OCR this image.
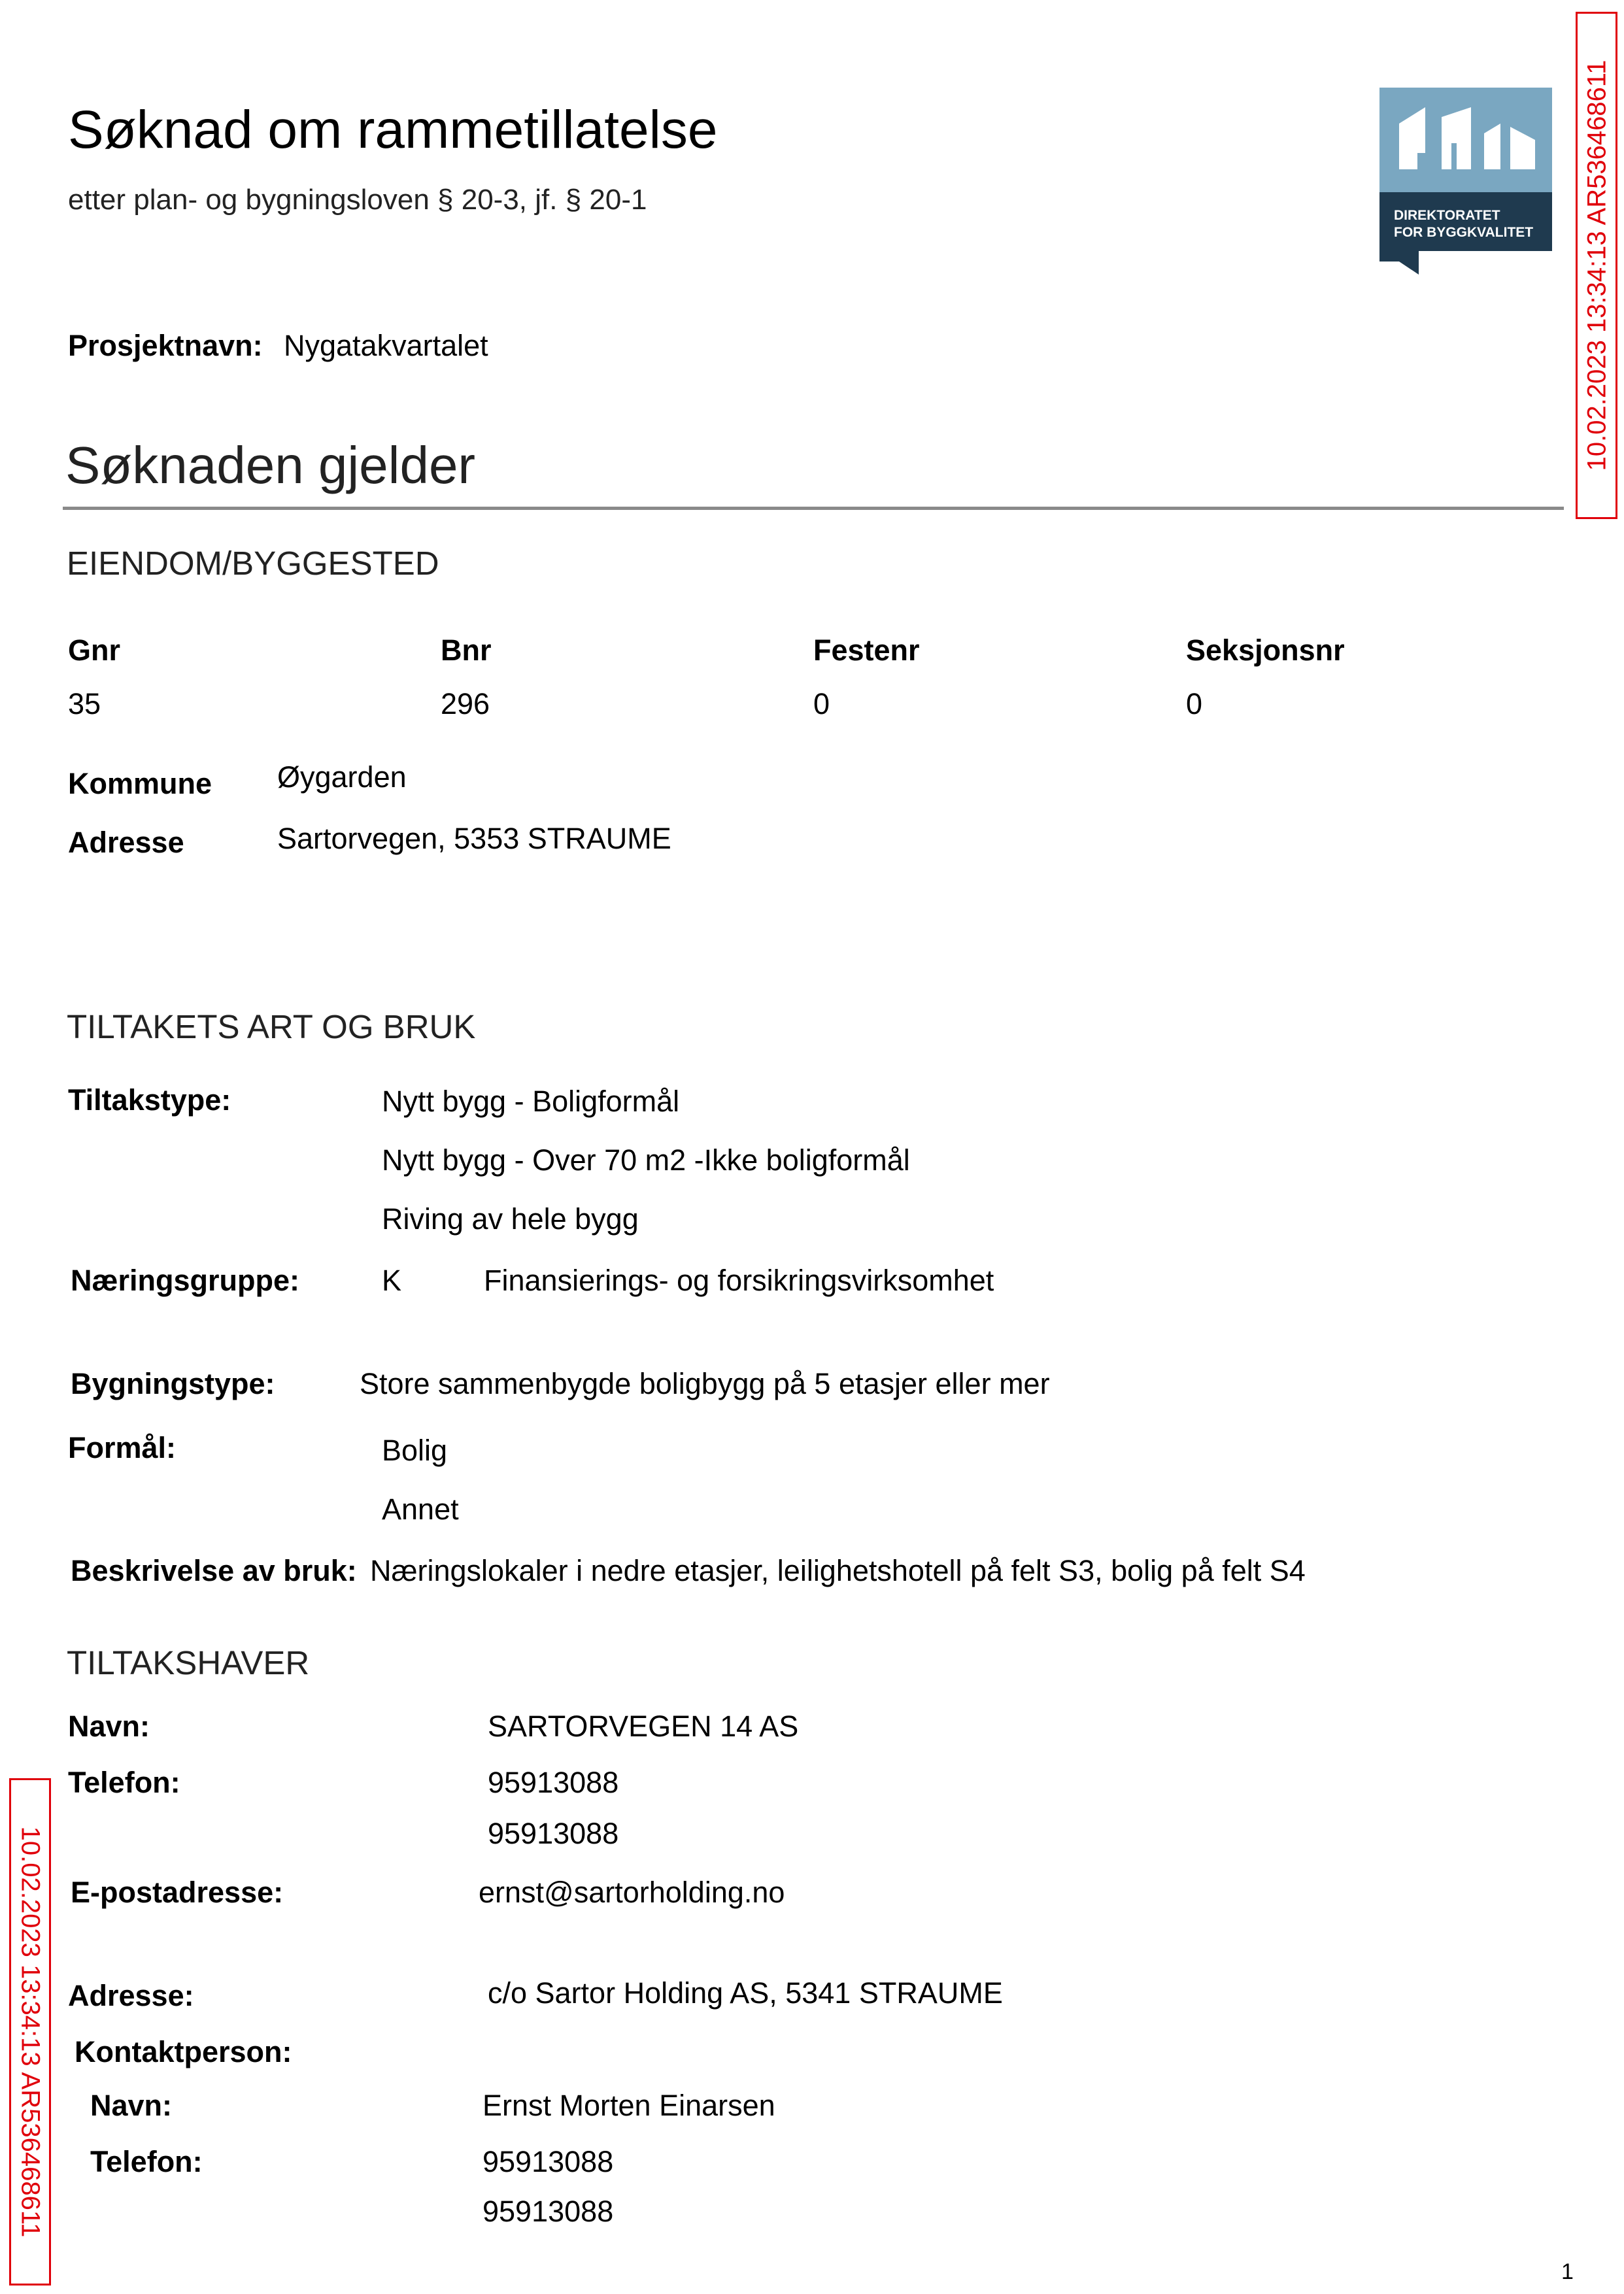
Søknad om rammetillatelse
etter plan- og bygningsloven § 20-3, jf. § 20-1	DIREKTORATET
FOR BYGGKVALITET 10.02.2023 13:34:13 AR536468611
10.02.2023 13:34:13 AR536468611
Prosjektnavn: Nygatakvartalet
Søknaden gjelder
EIENDOM/BYGGESTED
Gnr	Bnr	Festenr	Seksjonsnr
35	296	0	0
Kommune Øygarden
Adresse	Sartorvegen, 5353 STRAUME
TILTAKETS ART OG BRUK
Tiltakstype:	Nytt bygg - Boligformål
Nytt bygg - Over 70 m2 -Ikke boligformål
Riving av hele bygg
Næringsgruppe:	K	Finansierings- og forsikringsvirksomhet
Bygningstype:	Store sammenbygde boligbygg på 5 etasjer eller mer
Formål:	Bolig
Annet
Beskrivelse av bruk: Næringslokaler i nedre etasjer, leilighetshotell på felt S3, bolig på felt S4
TILTAKSHAVER
Navn:	SARTORVEGEN 14 AS
Telefon:	95913088
95913088
E-postadresse:	ernst@sartorholding.no
Adresse:	c/o Sartor Holding AS, 5341 STRAUME
Kontaktperson:
Navn:	Ernst Morten Einarsen
Telefon:	95913088
95913088
1
